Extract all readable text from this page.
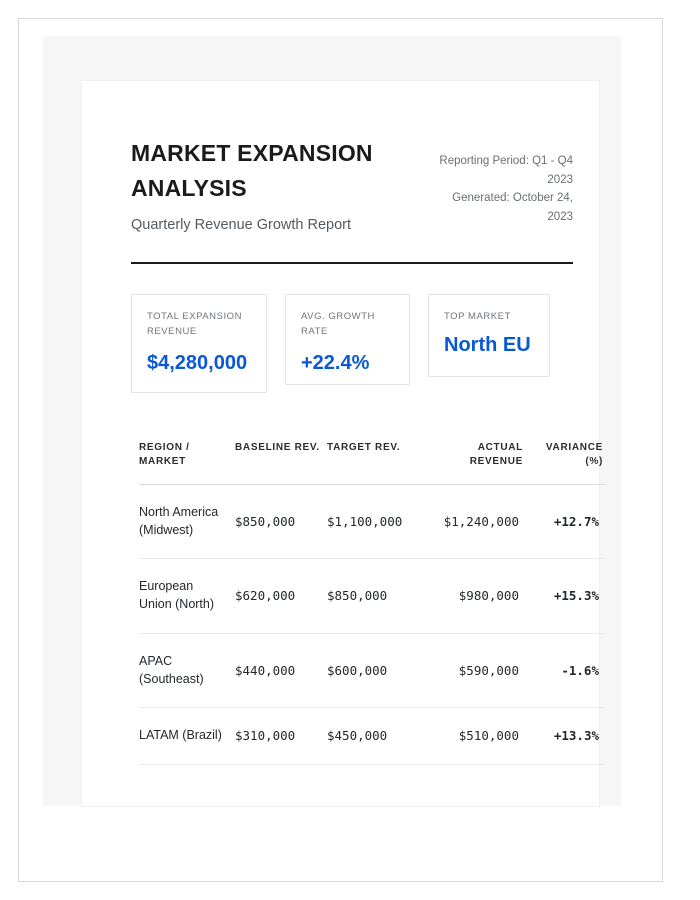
MARKET EXPANSION ANALYSIS
Quarterly Revenue Growth Report
Reporting Period: Q1 - Q4 2023
Generated: October 24, 2023
TOTAL EXPANSION REVENUE
$4,280,000
AVG. GROWTH RATE
+22.4%
TOP MARKET
North EU
REGION / MARKET	BASELINE REV.	TARGET REV.	ACTUAL REVENUE	VARIANCE (%)
North America (Midwest)	$850,000	$1,100,000	$1,240,000	+12.7%
European Union (North)	$620,000	$850,000	$980,000	+15.3%
APAC (Southeast)	$440,000	$600,000	$590,000	-1.6%
LATAM (Brazil)	$310,000	$450,000	$510,000	+13.3%
